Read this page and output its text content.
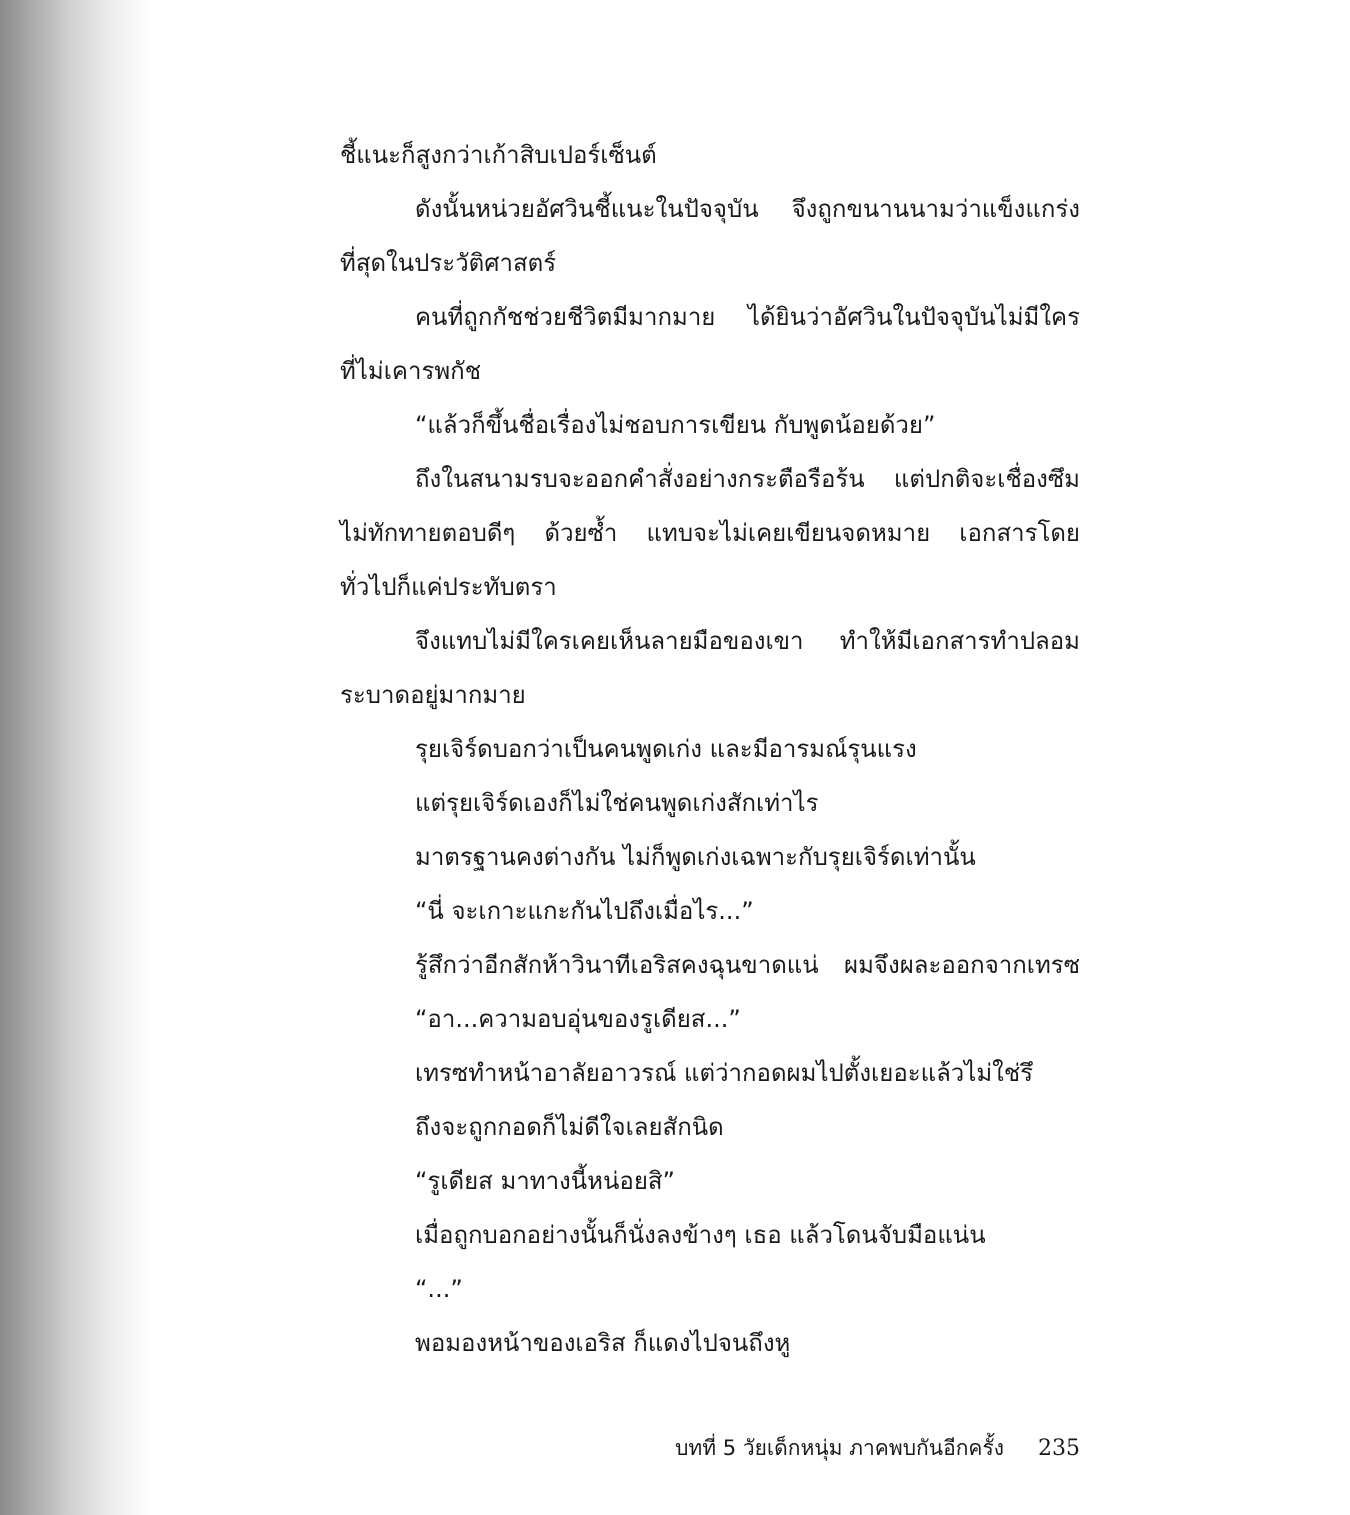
ชี้แนะก็สูงกว่าเก้าสิบเปอร์เซ็นต์
ดังนั้นหน่วยอัศวินชี้แนะในปัจจุบัน จึงถูกขนานนามว่าแข็งแกร่ง
ที่สุดในประวัติศาสตร์
คนที่ถูกกัชช่วยชีวิตมีมากมาย ได้ยินว่าอัศวินในปัจจุบันไม่มีใคร
ที่ไม่เคารพกัช
“แล้วก็ขึ้นชื่อเรื่องไม่ชอบการเขียน กับพูดน้อยด้วย”
ถึงในสนามรบจะออกคำสั่งอย่างกระตือรือร้น แต่ปกติจะเชื่องซึม
ไม่ทักทายตอบดีๆ ด้วยซ้ำ แทบจะไม่เคยเขียนจดหมาย เอกสารโดย
ทั่วไปก็แค่ประทับตรา
จึงแทบไม่มีใครเคยเห็นลายมือของเขา ทำให้มีเอกสารทำปลอม
ระบาดอยู่มากมาย
รุยเจิร์ดบอกว่าเป็นคนพูดเก่ง และมีอารมณ์รุนแรง
แต่รุยเจิร์ดเองก็ไม่ใช่คนพูดเก่งสักเท่าไร
มาตรฐานคงต่างกัน ไม่ก็พูดเก่งเฉพาะกับรุยเจิร์ดเท่านั้น
“นี่ จะเกาะแกะกันไปถึงเมื่อไร...”
รู้สึกว่าอีกสักห้าวินาทีเอริสคงฉุนขาดแน่ ผมจึงผละออกจากเทรซ
“อา...ความอบอุ่นของรูเดียส...”
เทรซทำหน้าอาลัยอาวรณ์ แต่ว่ากอดผมไปตั้งเยอะแล้วไม่ใช่รึ
ถึงจะถูกกอดก็ไม่ดีใจเลยสักนิด
“รูเดียส มาทางนี้หน่อยสิ”
เมื่อถูกบอกอย่างนั้นก็นั่งลงข้างๆ เธอ แล้วโดนจับมือแน่น
“...”
พอมองหน้าของเอริส ก็แดงไปจนถึงหู
บทที่ 5 วัยเด็กหนุ่ม ภาคพบกันอีกครั้ง 235
